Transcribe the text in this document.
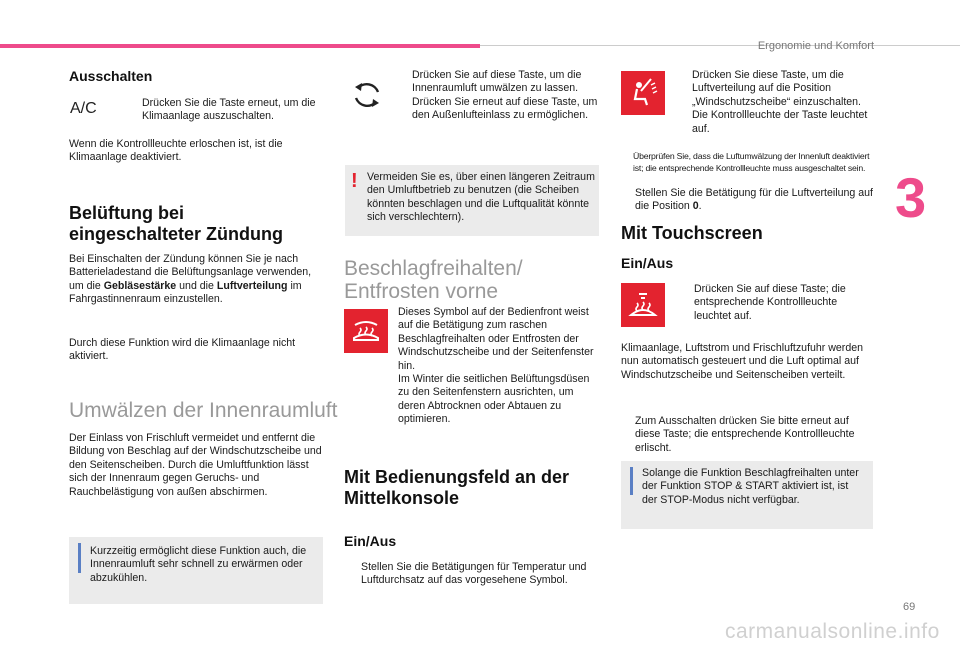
Ergonomie und Komfort
3
69
Ausschalten
A/C	Drücken Sie die Taste erneut, um die Klimaanlage auszuschalten.
Wenn die Kontrollleuchte erloschen ist, ist die Klimaanlage deaktiviert.
Belüftung bei
eingeschalteter Zündung
Bei Einschalten der Zündung können Sie je nach Batterieladestand die Belüftungsanlage verwenden, um die Gebläsestärke und die Luftverteilung im Fahrgastinnenraum einzustellen.
Durch diese Funktion wird die Klimaanlage nicht aktiviert.
Umwälzen der Innenraumluft
Der Einlass von Frischluft vermeidet und entfernt die Bildung von Beschlag auf der Windschutzscheibe und den Seitenscheiben. Durch die Umluftfunktion lässt sich der Innenraum gegen Geruchs- und Rauchbelästigung von außen abschirmen.
Kurzzeitig ermöglicht diese Funktion auch, die Innenraumluft sehr schnell zu erwärmen oder abzukühlen.
Drücken Sie auf diese Taste, um die Innenraumluft umwälzen zu lassen.
Drücken Sie erneut auf diese Taste, um den Außenlufteinlass zu ermöglichen.
! Vermeiden Sie es, über einen längeren Zeitraum den Umluftbetrieb zu benutzen (die Scheiben könnten beschlagen und die Luftqualität könnte sich verschlechtern).
Beschlagfreihalten/
Entfrosten vorne
Dieses Symbol auf der Bedienfront weist auf die Betätigung zum raschen Beschlagfreihalten oder Entfrosten der Windschutzscheibe und der Seitenfenster hin.
Im Winter die seitlichen Belüftungsdüsen zu den Seitenfenstern ausrichten, um deren Abtrocknen oder Abtauen zu optimieren.
Mit Bedienungsfeld an der
Mittelkonsole
Ein/Aus
Stellen Sie die Betätigungen für Temperatur und Luftdurchsatz auf das vorgesehene Symbol.
Drücken Sie diese Taste, um die Luftverteilung auf die Position „Windschutzscheibe“ einzuschalten. Die Kontrollleuchte der Taste leuchtet auf.
Überprüfen Sie, dass die Luftumwälzung der Innenluft deaktiviert ist; die entsprechende Kontrollleuchte muss ausgeschaltet sein.
Stellen Sie die Betätigung für die Luftverteilung auf die Position 0.
Mit Touchscreen
Ein/Aus
Drücken Sie auf diese Taste; die entsprechende Kontrollleuchte leuchtet auf.
Klimaanlage, Luftstrom und Frischluftzufuhr werden nun automatisch gesteuert und die Luft optimal auf Windschutzscheibe und Seitenscheiben verteilt.
Zum Ausschalten drücken Sie bitte erneut auf diese Taste; die entsprechende Kontrollleuchte erlischt.
Solange die Funktion Beschlagfreihalten unter der Funktion STOP & START aktiviert ist, ist der STOP-Modus nicht verfügbar.
carmanualsonline.info
